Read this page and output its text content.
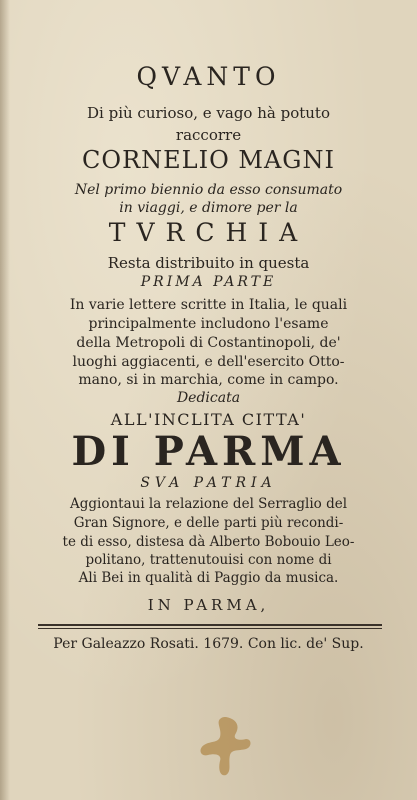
QVANTO
Di più curioso, e vago hà potuto
raccorre
CORNELIO MAGNI
Nel primo biennio da esso consumato
in viaggi, e dimore per la
TVRCHIA
Resta distribuito in questa
PRIMA PARTE
In varie lettere scritte in Italia, le quali
principalmente includono l'esame
della Metropoli di Costantinopoli, de'
luoghi aggiacenti, e dell'esercito Otto-
mano, si in marchia, come in campo.
Dedicata
ALL'INCLITA CITTA'
DI PARMA
SVA PATRIA
Aggiontaui la relazione del Serraglio del
Gran Signore, e delle parti più recondi-
te di esso, distesa dà Alberto Bobouio Leo-
politano, trattenutouisi con nome di
Ali Bei in qualità di Paggio da musica.
IN PARMA,
Per Galeazzo Rosati. 1679. Con lic. de' Sup.
